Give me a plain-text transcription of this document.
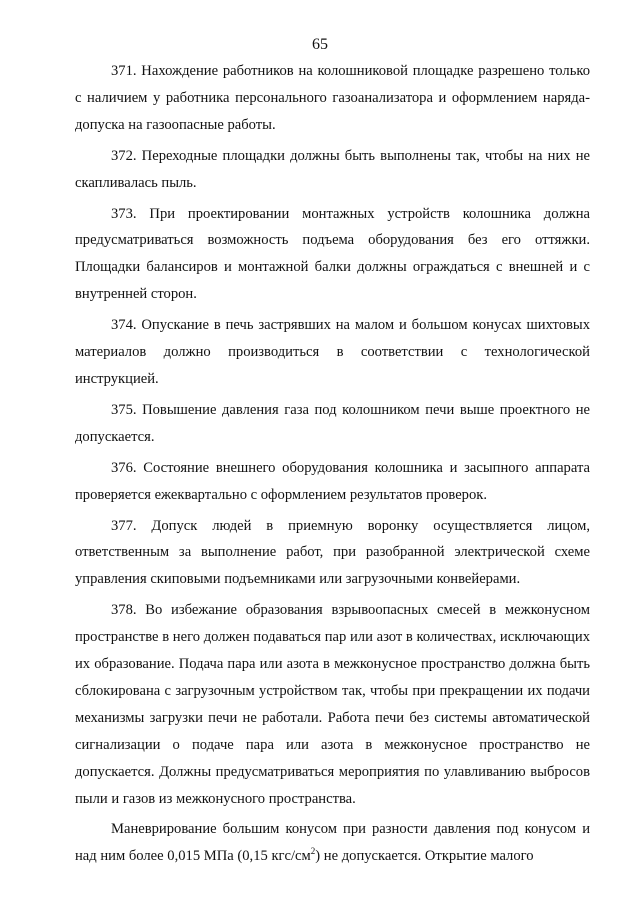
65

371. Нахождение работников на колошниковой площадке разрешено только с наличием у работника персонального газоанализатора и оформлением наряда-допуска на газоопасные работы.

372. Переходные площадки должны быть выполнены так, чтобы на них не скапливалась пыль.

373. При проектировании монтажных устройств колошника должна предусматриваться возможность подъема оборудования без его оттяжки. Площадки балансиров и монтажной балки должны ограждаться с внешней и с внутренней сторон.

374. Опускание в печь застрявших на малом и большом конусах шихтовых материалов должно производиться в соответствии с технологической инструкцией.

375. Повышение давления газа под колошником печи выше проектного не допускается.

376. Состояние внешнего оборудования колошника и засыпного аппарата проверяется ежеквартально с оформлением результатов проверок.

377. Допуск людей в приемную воронку осуществляется лицом, ответственным за выполнение работ, при разобранной электрической схеме управления скиповыми подъемниками или загрузочными конвейерами.

378. Во избежание образования взрывоопасных смесей в межконусном пространстве в него должен подаваться пар или азот в количествах, исключающих их образование. Подача пара или азота в межконусное пространство должна быть сблокирована с загрузочным устройством так, чтобы при прекращении их подачи механизмы загрузки печи не работали. Работа печи без системы автоматической сигнализации о подаче пара или азота в межконусное пространство не допускается. Должны предусматриваться мероприятия по улавливанию выбросов пыли и газов из межконусного пространства.

Маневрирование большим конусом при разности давления под конусом и над ним более 0,015 МПа (0,15 кгс/$см^2$) не допускается. Открытие малого
